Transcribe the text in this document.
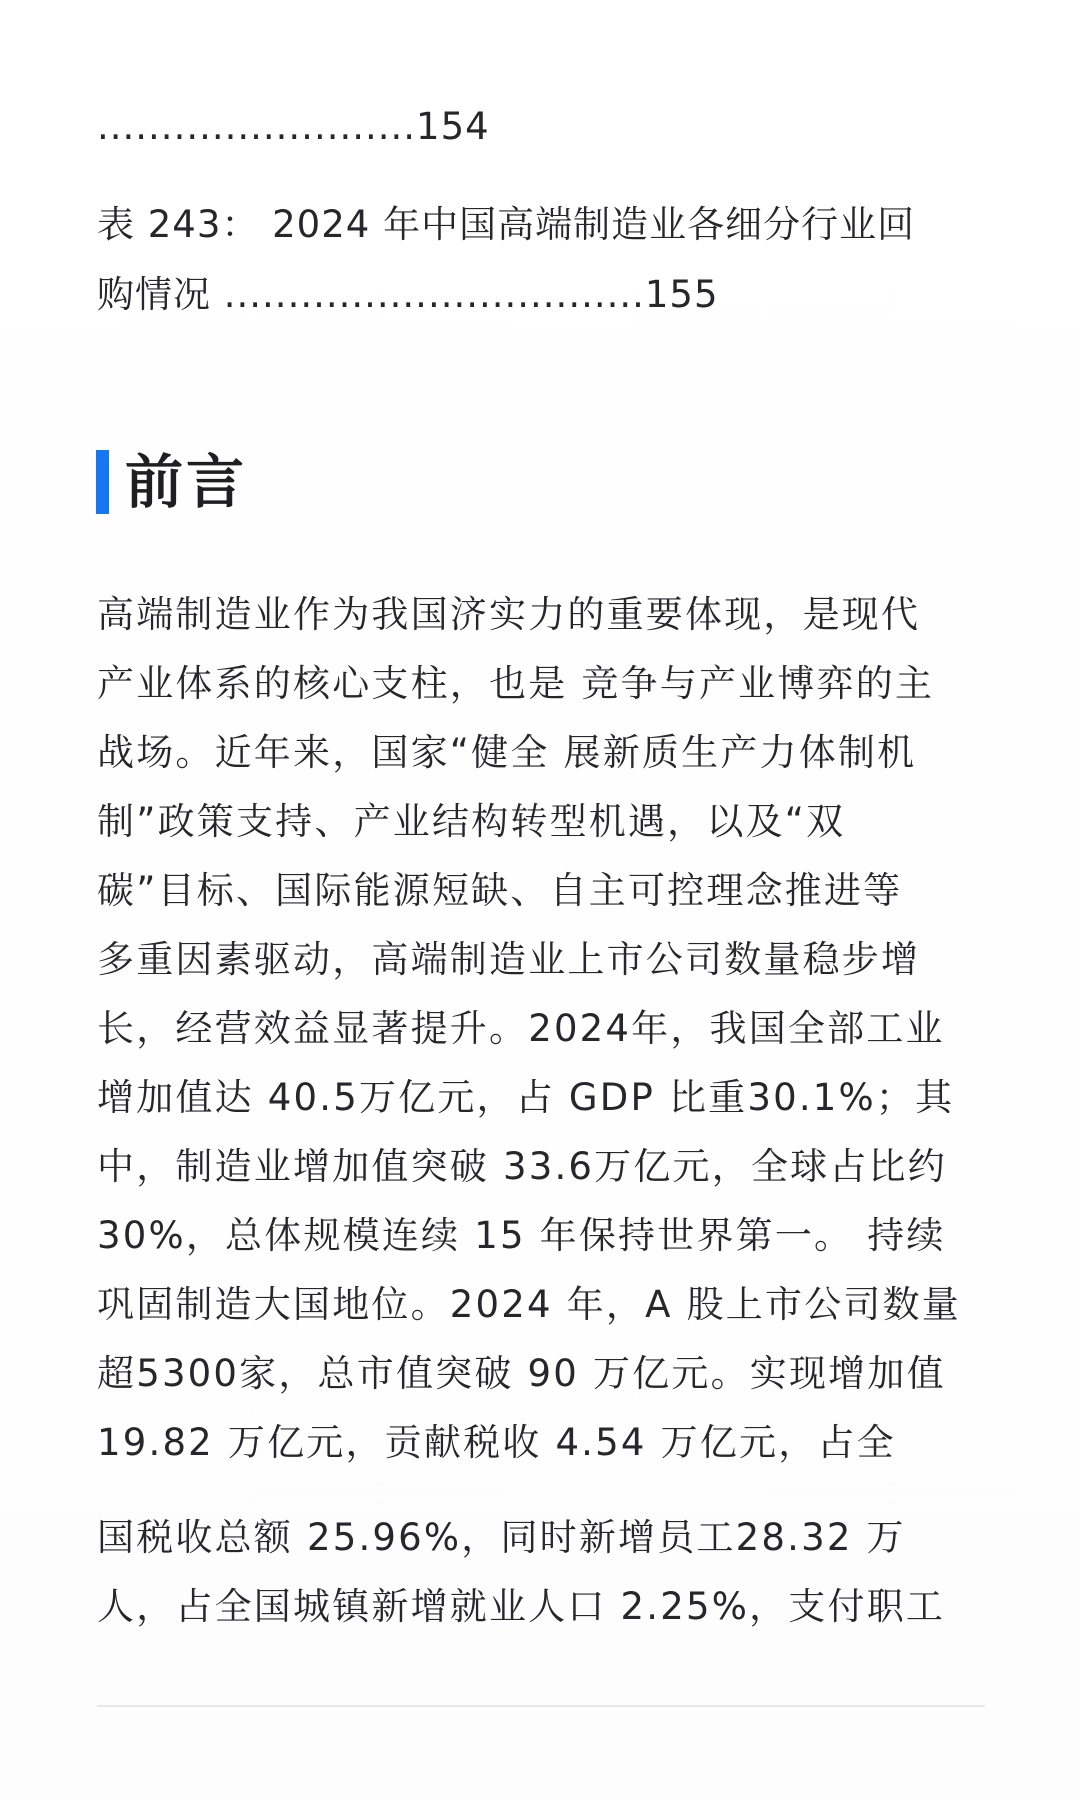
.........................154

表 243： 2024 年中国高端制造业各细分行业回

购情况 .................................155

前言

高端制造业作为我国济实力的重要体现，是现代

产业体系的核心支柱，也是 竞争与产业博弈的主

战场。近年来，国家“健全 展新质生产力体制机

制”政策支持、产业结构转型机遇，以及“双

碳”目标、国际能源短缺、自主可控理念推进等

多重因素驱动，高端制造业上市公司数量稳步增

长，经营效益显著提升。2024年，我国全部工业

增加值达 40.5万亿元，占 GDP 比重30.1%；其

中，制造业增加值突破 33.6万亿元，全球占比约

30%，总体规模连续 15 年保持世界第一。 持续

巩固制造大国地位。2024 年，A 股上市公司数量

超5300家，总市值突破 90 万亿元。实现增加值

19.82 万亿元，贡献税收 4.54 万亿元，占全

国税收总额 25.96%，同时新增员工28.32 万

人，占全国城镇新增就业人口 2.25%，支付职工
